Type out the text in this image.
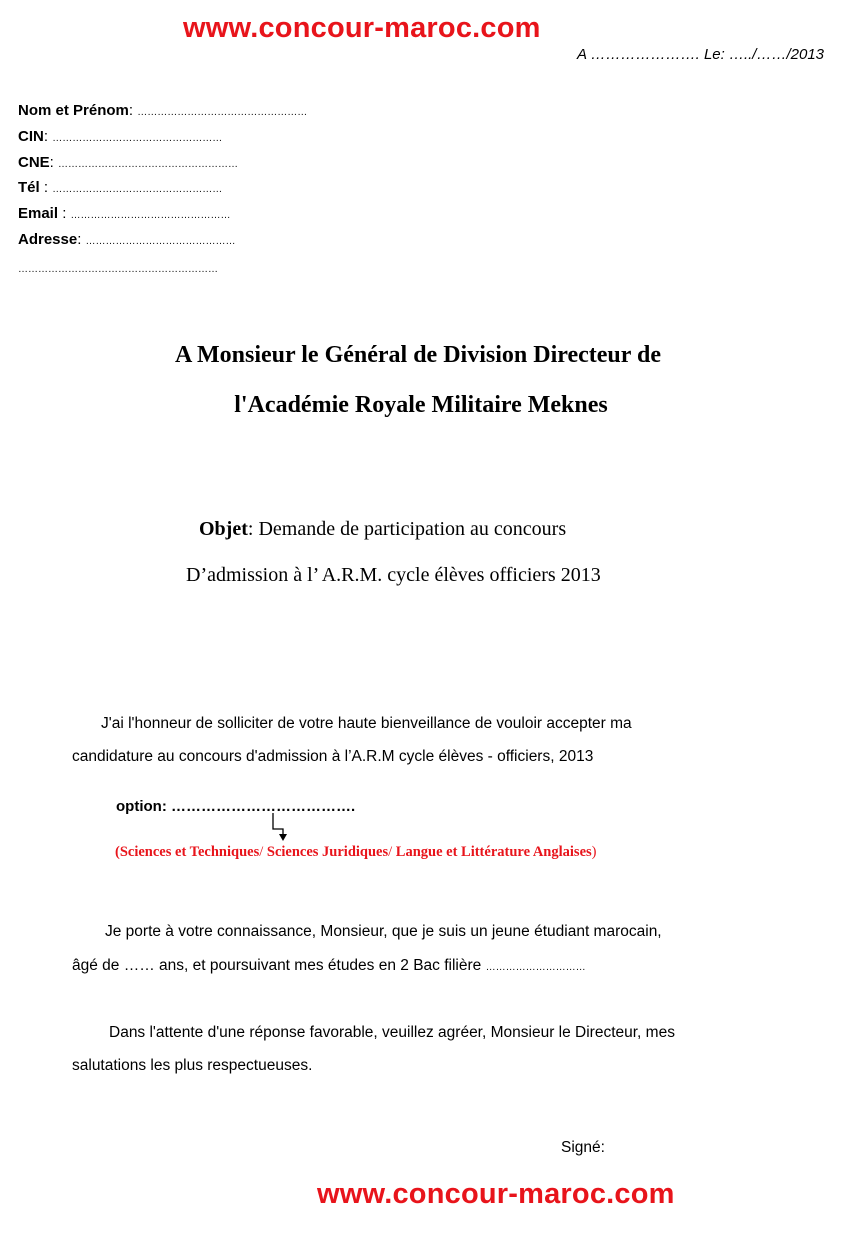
www.concour-maroc.com
A …………………. Le: …../……/2013
Nom et Prénom: ……………………………………………
CIN: ……………………………………………
CNE: ………………………………………………
Tél : ……………………………………………
Email : …………………………………………
Adresse: ………………………………………
……………………………………………………
A Monsieur le Général de Division Directeur de
l'Académie Royale Militaire Meknes
Objet: Demande de participation au concours
D’admission à l’ A.R.M. cycle élèves officiers 2013
J'ai l'honneur de solliciter de votre haute bienveillance de vouloir accepter ma
candidature au concours d'admission à l’A.R.M cycle élèves - officiers, 2013
option: ……………………………….
(Sciences et Techniques/ Sciences Juridiques/ Langue et Littérature Anglaises)
Je porte à votre connaissance, Monsieur, que je suis un jeune étudiant marocain,
âgé de …… ans, et poursuivant mes études en 2 Bac filière …………………………
Dans l'attente d'une réponse favorable, veuillez agréer, Monsieur le Directeur, mes
salutations les plus respectueuses.
Signé:
www.concour-maroc.com
